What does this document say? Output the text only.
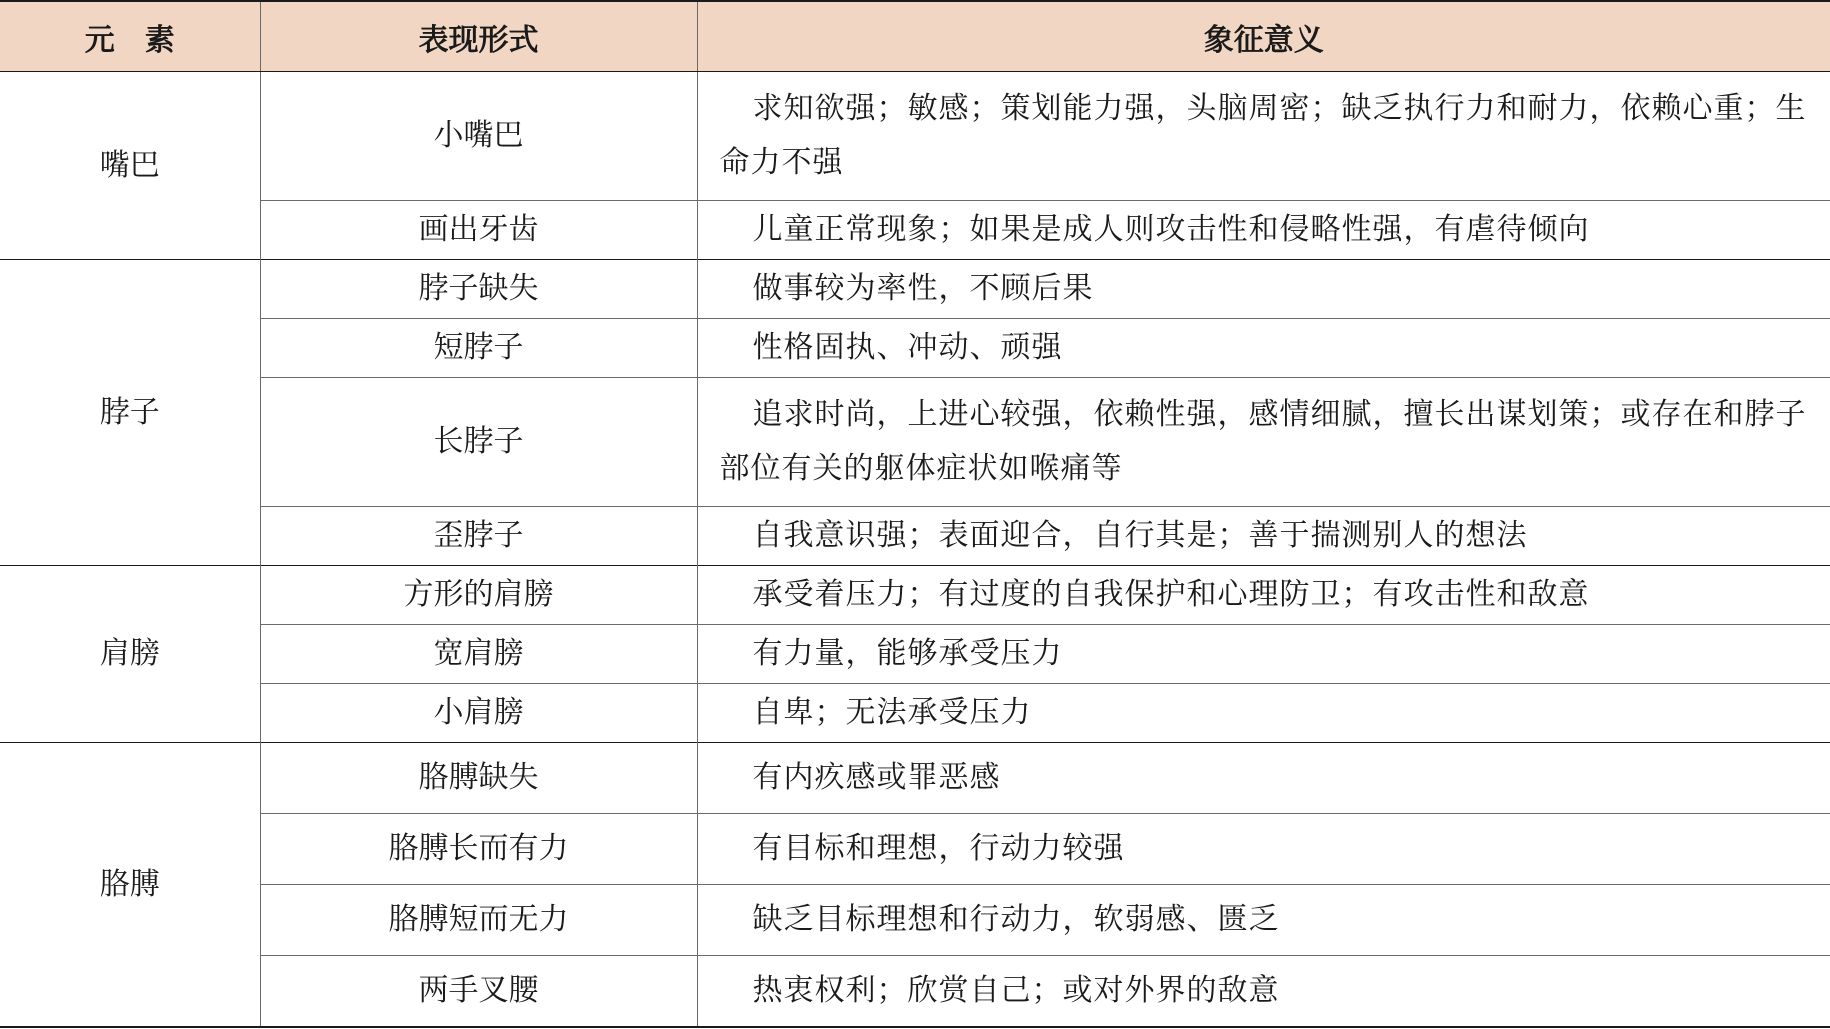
元　素	表现形式	象征意义
嘴巴	小嘴巴	求知欲强；敏感；策划能力强，头脑周密；缺乏执行力和耐力，依赖心重；生命力不强
	画出牙齿	儿童正常现象；如果是成人则攻击性和侵略性强，有虐待倾向
脖子	脖子缺失	做事较为率性，不顾后果
	短脖子	性格固执、冲动、顽强
	长脖子	追求时尚，上进心较强，依赖性强，感情细腻，擅长出谋划策；或存在和脖子部位有关的躯体症状如喉痛等
	歪脖子	自我意识强；表面迎合，自行其是；善于揣测别人的想法
肩膀	方形的肩膀	承受着压力；有过度的自我保护和心理防卫；有攻击性和敌意
	宽肩膀	有力量，能够承受压力
	小肩膀	自卑；无法承受压力
胳膊	胳膊缺失	有内疚感或罪恶感
	胳膊长而有力	有目标和理想，行动力较强
	胳膊短而无力	缺乏目标理想和行动力，软弱感、匮乏
	两手叉腰	热衷权利；欣赏自己；或对外界的敌意
